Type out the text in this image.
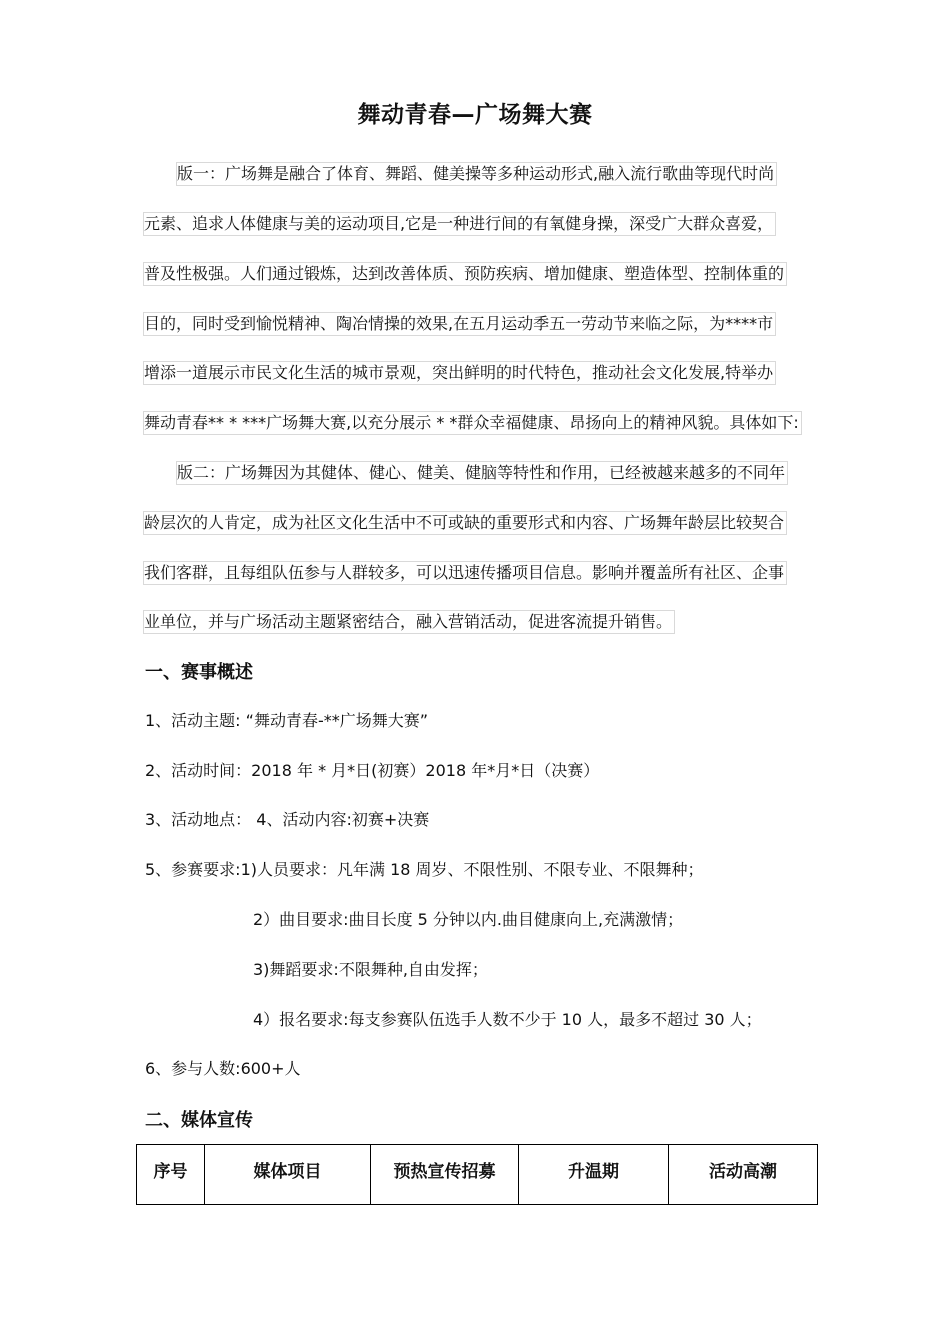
舞动青春—广场舞大赛
版一：广场舞是融合了体育、舞蹈、健美操等多种运动形式,融入流行歌曲等现代时尚
元素、追求人体健康与美的运动项目,它是一种进行间的有氧健身操，深受广大群众喜爱，
普及性极强。人们通过锻炼，达到改善体质、预防疾病、增加健康、塑造体型、控制体重的
目的，同时受到愉悦精神、陶冶情操的效果,在五月运动季五一劳动节来临之际，为****市
增添一道展示市民文化生活的城市景观，突出鲜明的时代特色，推动社会文化发展,特举办
舞动青春** * ***广场舞大赛,以充分展示 * *群众幸福健康、昂扬向上的精神风貌。具体如下:
版二：广场舞因为其健体、健心、健美、健脑等特性和作用，已经被越来越多的不同年
龄层次的人肯定，成为社区文化生活中不可或缺的重要形式和内容、广场舞年龄层比较契合
我们客群，且每组队伍参与人群较多，可以迅速传播项目信息。影响并覆盖所有社区、企事
业单位，并与广场活动主题紧密结合，融入营销活动，促进客流提升销售。
一、赛事概述
1、活动主题: “舞动青春-**广场舞大赛”
2、活动时间：2018 年 * 月*日(初赛）2018 年*月*日（决赛）
3、活动地点： 4、活动内容:初赛+决赛
5、参赛要求:1)人员要求：凡年满 18 周岁、不限性别、不限专业、不限舞种；
2）曲目要求:曲目长度 5 分钟以内.曲目健康向上,充满激情；
3)舞蹈要求:不限舞种,自由发挥；
4）报名要求:每支参赛队伍选手人数不少于 10 人，最多不超过 30 人；
6、参与人数:600+人
二、媒体宣传
序号	媒体项目	预热宣传招募	升温期	活动高潮
